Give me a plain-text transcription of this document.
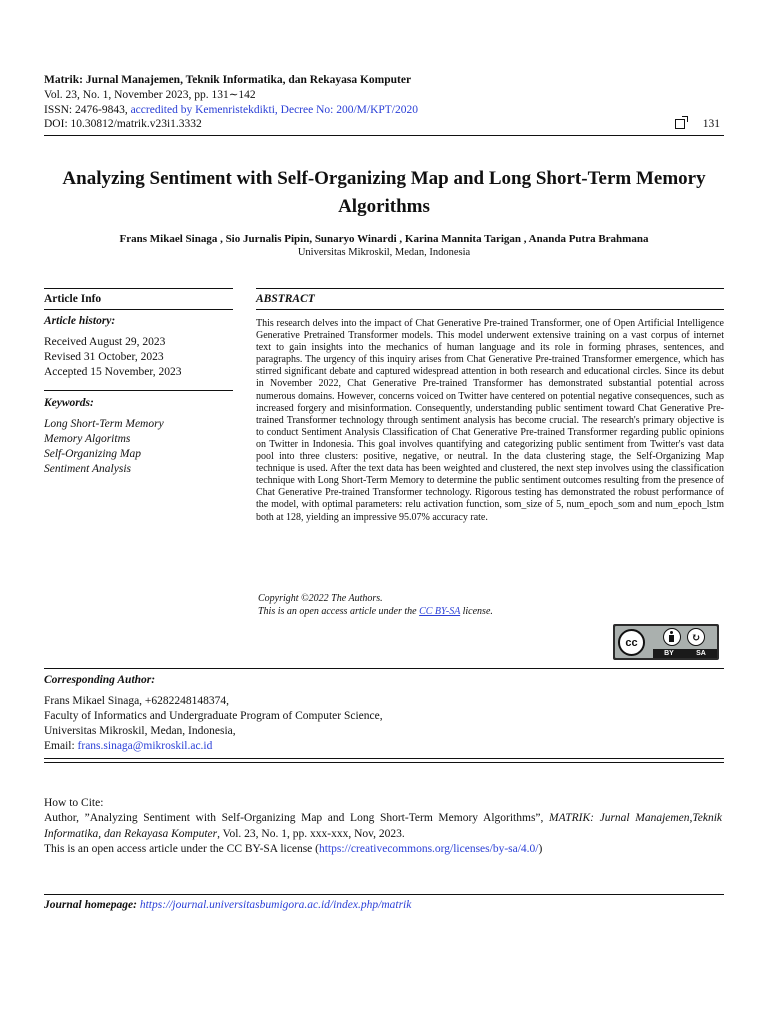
Matrik: Jurnal Manajemen, Teknik Informatika, dan Rekayasa Komputer
Vol. 23, No. 1, November 2023, pp. 131∼142
ISSN: 2476-9843, accredited by Kemenristekdikti, Decree No: 200/M/KPT/2020
DOI: 10.30812/matrik.v23i1.3332	131
Analyzing Sentiment with Self-Organizing Map and Long Short-Term Memory Algorithms
Frans Mikael Sinaga , Sio Jurnalis Pipin, Sunaryo Winardi , Karina Mannita Tarigan , Ananda Putra Brahmana
Universitas Mikroskil, Medan, Indonesia
Article Info	ABSTRACT
Article history:
Received August 29, 2023
Revised 31 October, 2023
Accepted 15 November, 2023
Keywords:
Long Short-Term Memory
Memory Algoritms
Self-Organizing Map
Sentiment Analysis
This research delves into the impact of Chat Generative Pre-trained Transformer, one of Open Artificial Intelligence Generative Pretrained Transformer models. This model underwent extensive training on a vast corpus of internet text to gain insights into the mechanics of human language and its role in forming phrases, sentences, and paragraphs. The urgency of this inquiry arises from Chat Generative Pre-trained Transformer emergence, which has stirred significant debate and captured widespread attention in both research and educational circles. Since its debut in November 2022, Chat Generative Pre-trained Transformer has demonstrated substantial potential across numerous domains. However, concerns voiced on Twitter have centered on potential negative consequences, such as increased forgery and misinformation. Consequently, understanding public sentiment toward Chat Generative Pre-trained Transformer technology through sentiment analysis has become crucial. The research's primary objective is to conduct Sentiment Analysis Classification of Chat Generative Pre-trained Transformer regarding public opinions on Twitter in Indonesia. This goal involves quantifying and categorizing public sentiment from Twitter's vast data pool into three clusters: positive, negative, or neutral. In the data clustering stage, the Self-Organizing Map technique is used. After the text data has been weighted and clustered, the next step involves using the classification technique with Long Short-Term Memory to determine the public sentiment outcomes resulting from the presence of Chat Generative Pre-trained Transformer technology. Rigorous testing has demonstrated the robust performance of the model, with optimal parameters: relu activation function, som_size of 5, num_epoch_som and num_epoch_lstm both at 128, yielding an impressive 95.07% accuracy rate.
Copyright ©2022 The Authors.
This is an open access article under the CC BY-SA license.
cc	↻
BY	SA
Corresponding Author:
Frans Mikael Sinaga, +6282248148374,
Faculty of Informatics and Undergraduate Program of Computer Science,
Universitas Mikroskil, Medan, Indonesia,
Email: frans.sinaga@mikroskil.ac.id
How to Cite:
Author, ”Analyzing Sentiment with Self-Organizing Map and Long Short-Term Memory Algorithms”, MATRIK: Jurnal Manajemen,Teknik Informatika, dan Rekayasa Komputer, Vol. 23, No. 1, pp. xxx-xxx, Nov, 2023.
This is an open access article under the CC BY-SA license (https://creativecommons.org/licenses/by-sa/4.0/)
Journal homepage: https://journal.universitasbumigora.ac.id/index.php/matrik
